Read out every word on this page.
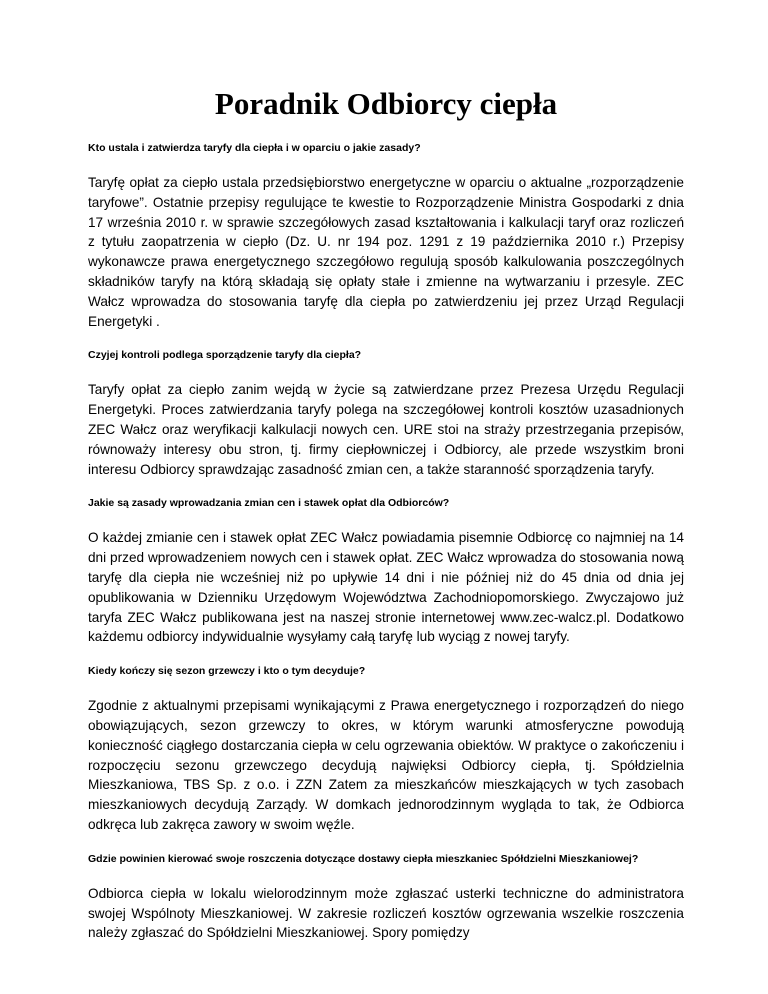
Poradnik Odbiorcy ciepła

Kto ustala i zatwierdza taryfy dla ciepła i w oparciu o jakie zasady?

Taryfę opłat za ciepło ustala przedsiębiorstwo energetyczne w oparciu o aktualne „rozporządzenie taryfowe”. Ostatnie przepisy regulujące te kwestie to Rozporządzenie Ministra Gospodarki z dnia 17 września 2010 r. w sprawie szczegółowych zasad kształtowania i kalkulacji taryf oraz rozliczeń z tytułu zaopatrzenia w ciepło (Dz. U. nr 194 poz. 1291 z 19 października 2010 r.) Przepisy wykonawcze prawa energetycznego szczegółowo regulują sposób kalkulowania poszczególnych składników taryfy na którą składają się opłaty stałe i zmienne na wytwarzaniu i przesyle. ZEC Wałcz wprowadza do stosowania taryfę dla ciepła po zatwierdzeniu jej przez Urząd Regulacji Energetyki .

Czyjej kontroli podlega sporządzenie taryfy dla ciepła?

Taryfy opłat za ciepło zanim wejdą w życie są zatwierdzane przez Prezesa Urzędu Regulacji Energetyki. Proces zatwierdzania taryfy polega na szczegółowej kontroli kosztów uzasadnionych ZEC Wałcz oraz weryfikacji kalkulacji nowych cen. URE stoi na straży przestrzegania przepisów, równoważy interesy obu stron, tj. firmy ciepłowniczej i Odbiorcy, ale przede wszystkim broni interesu Odbiorcy sprawdzając zasadność zmian cen, a także staranność sporządzenia taryfy.

Jakie są zasady wprowadzania zmian cen i stawek opłat dla Odbiorców?

O każdej zmianie cen i stawek opłat ZEC Wałcz powiadamia pisemnie Odbiorcę co najmniej na 14 dni przed wprowadzeniem nowych cen i stawek opłat. ZEC Wałcz wprowadza do stosowania nową taryfę dla ciepła nie wcześniej niż po upływie 14 dni i nie później niż do 45 dnia od dnia jej opublikowania w Dzienniku Urzędowym Województwa Zachodniopomorskiego. Zwyczajowo już taryfa ZEC Wałcz publikowana jest na naszej stronie internetowej www.zec-walcz.pl. Dodatkowo każdemu odbiorcy indywidualnie wysyłamy całą taryfę lub wyciąg z nowej taryfy.

Kiedy kończy się sezon grzewczy i kto o tym decyduje?

Zgodnie z aktualnymi przepisami wynikającymi z Prawa energetycznego i rozporządzeń do niego obowiązujących, sezon grzewczy to okres, w którym warunki atmosferyczne powodują konieczność ciągłego dostarczania ciepła w celu ogrzewania obiektów. W praktyce o zakończeniu i rozpoczęciu sezonu grzewczego decydują najwięksi Odbiorcy ciepła, tj. Spółdzielnia Mieszkaniowa, TBS Sp. z o.o. i ZZN Zatem za mieszkańców mieszkających w tych zasobach mieszkaniowych decydują Zarządy. W domkach jednorodzinnym wygląda to tak, że Odbiorca odkręca lub zakręca zawory w swoim węźle.

Gdzie powinien kierować swoje roszczenia dotyczące dostawy ciepła mieszkaniec Spółdzielni Mieszkaniowej?

Odbiorca ciepła w lokalu wielorodzinnym może zgłaszać usterki techniczne do administratora swojej Wspólnoty Mieszkaniowej. W zakresie rozliczeń kosztów ogrzewania wszelkie roszczenia należy zgłaszać do Spółdzielni Mieszkaniowej. Spory pomiędzy
